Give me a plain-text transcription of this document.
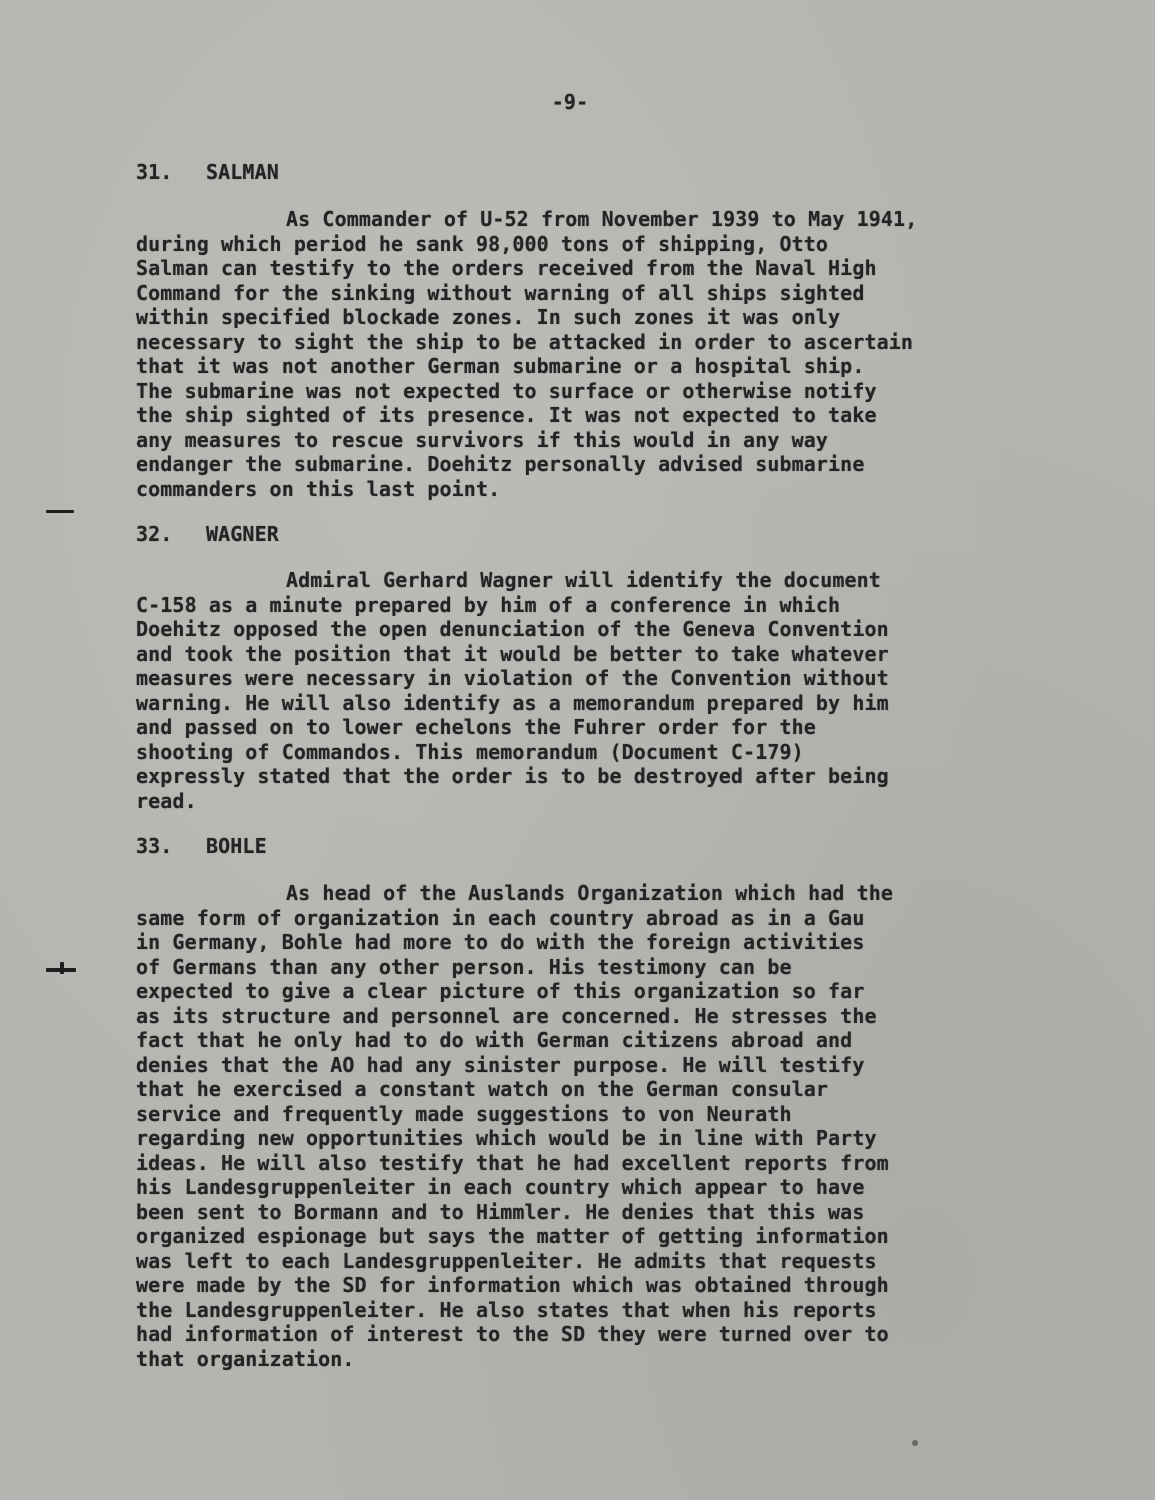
-9-
31. SALMAN
As Commander of U-52 from November 1939 to May 1941,
during which period he sank 98,000 tons of shipping, Otto
Salman can testify to the orders received from the Naval High
Command for the sinking without warning of all ships sighted
within specified blockade zones. In such zones it was only
necessary to sight the ship to be attacked in order to ascertain
that it was not another German submarine or a hospital ship.
The submarine was not expected to surface or otherwise notify
the ship sighted of its presence. It was not expected to take
any measures to rescue survivors if this would in any way
endanger the submarine. Doehitz personally advised submarine
commanders on this last point.
32. WAGNER
Admiral Gerhard Wagner will identify the document
C-158 as a minute prepared by him of a conference in which
Doehitz opposed the open denunciation of the Geneva Convention
and took the position that it would be better to take whatever
measures were necessary in violation of the Convention without
warning. He will also identify as a memorandum prepared by him
and passed on to lower echelons the Fuhrer order for the
shooting of Commandos. This memorandum (Document C-179)
expressly stated that the order is to be destroyed after being
read.
33. BOHLE
As head of the Auslands Organization which had the
same form of organization in each country abroad as in a Gau
in Germany, Bohle had more to do with the foreign activities
of Germans than any other person. His testimony can be
expected to give a clear picture of this organization so far
as its structure and personnel are concerned. He stresses the
fact that he only had to do with German citizens abroad and
denies that the AO had any sinister purpose. He will testify
that he exercised a constant watch on the German consular
service and frequently made suggestions to von Neurath
regarding new opportunities which would be in line with Party
ideas. He will also testify that he had excellent reports from
his Landesgruppenleiter in each country which appear to have
been sent to Bormann and to Himmler. He denies that this was
organized espionage but says the matter of getting information
was left to each Landesgruppenleiter. He admits that requests
were made by the SD for information which was obtained through
the Landesgruppenleiter. He also states that when his reports
had information of interest to the SD they were turned over to
that organization.
